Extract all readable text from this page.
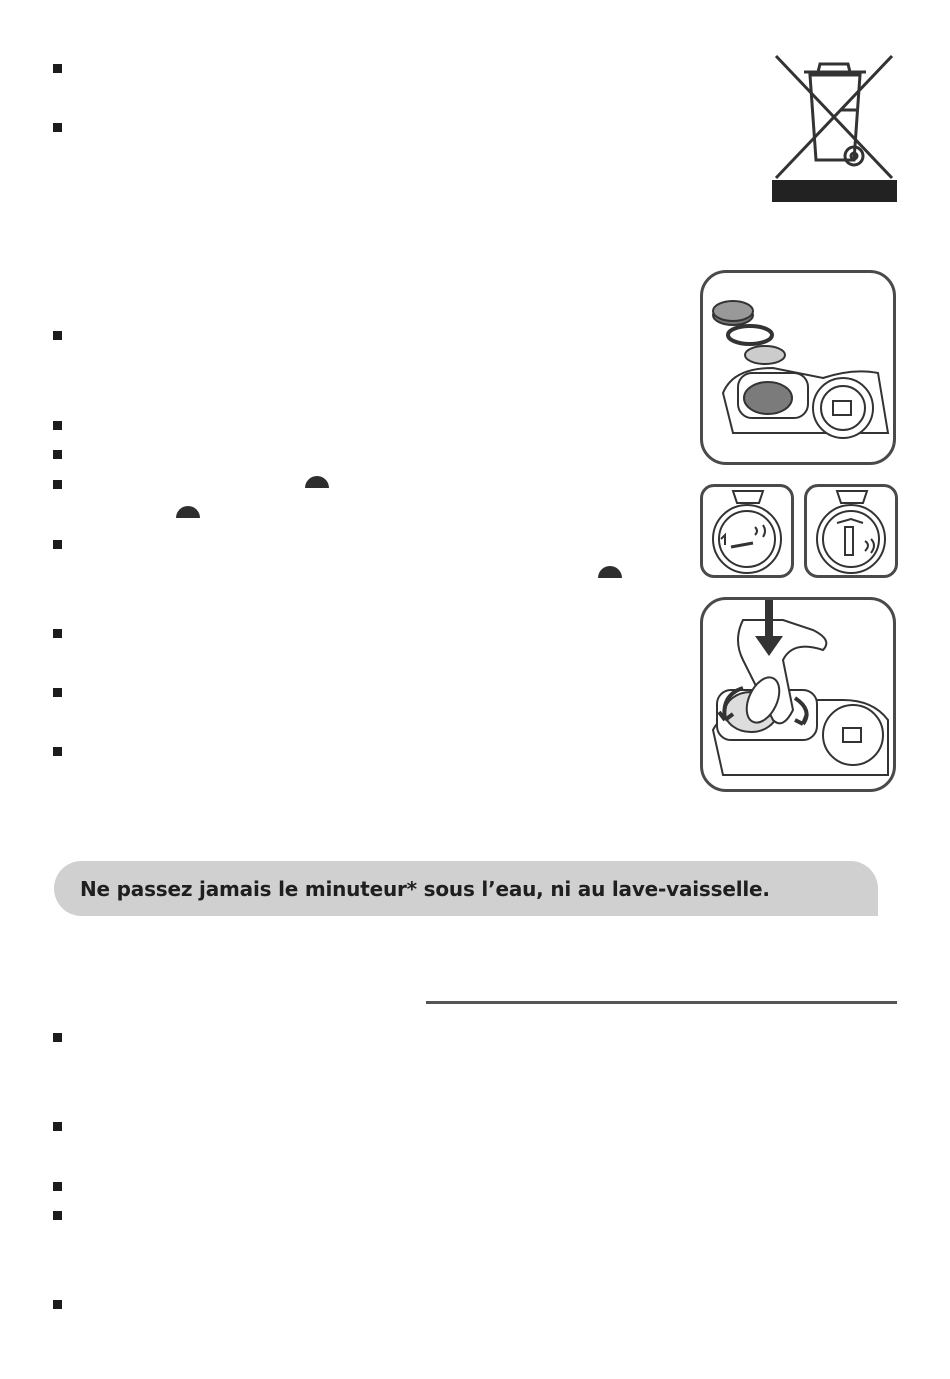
Ne passez jamais le minuteur* sous l’eau, ni au lave-vaisselle.
